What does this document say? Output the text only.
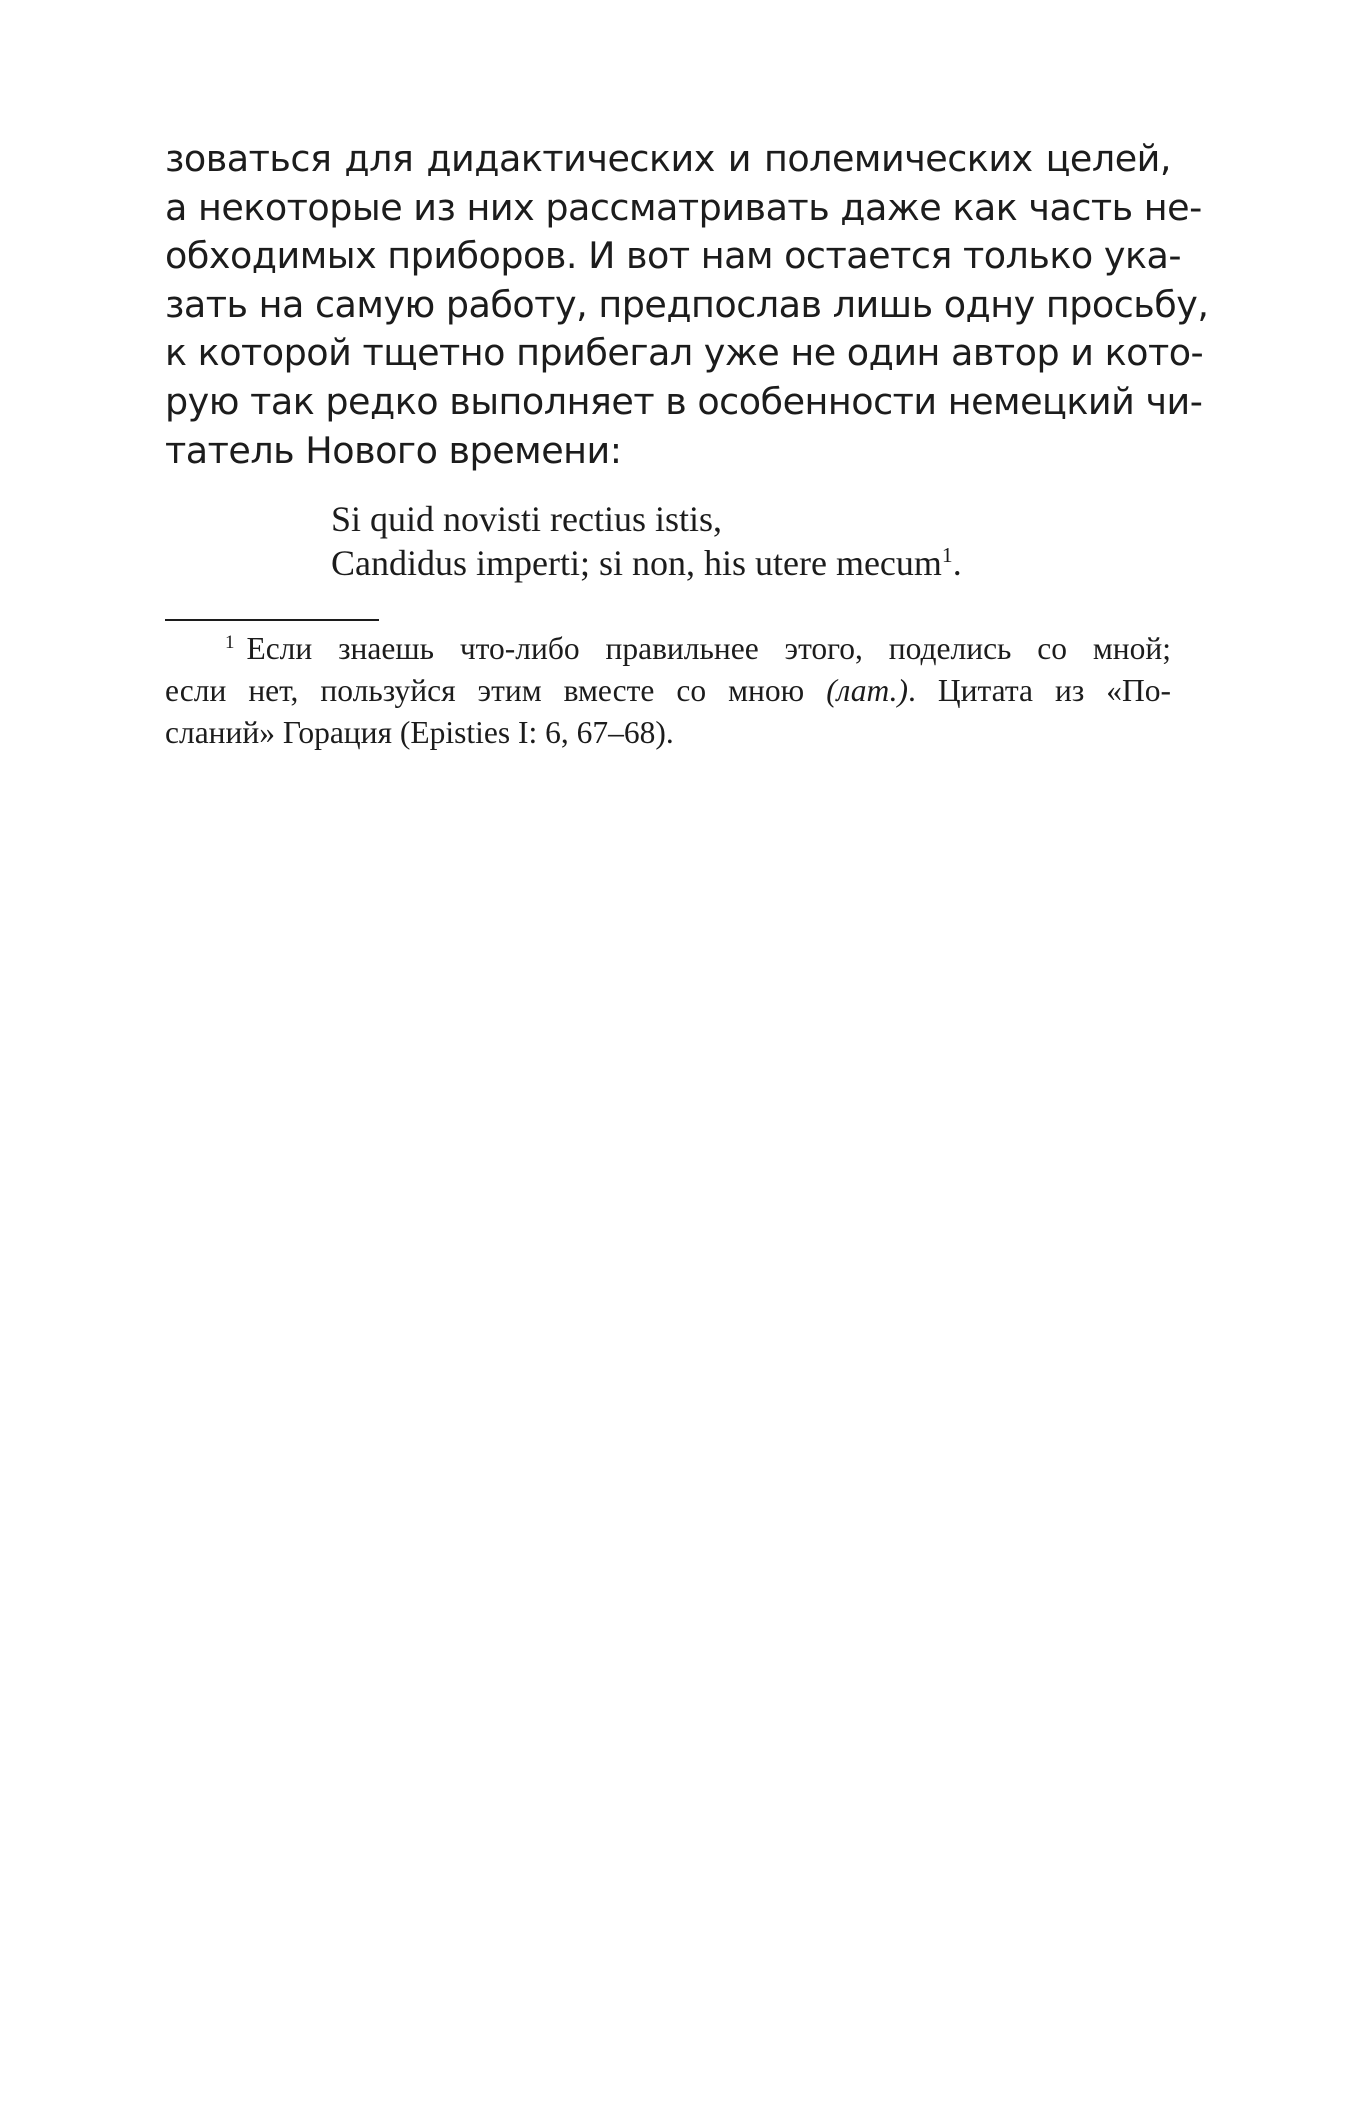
зоваться для дидактических и полемических целей,
а некоторые из них рассматривать даже как часть не-
обходимых приборов. И вот нам остается только ука-
зать на самую работу, предпослав лишь одну просьбу,
к которой тщетно прибегал уже не один автор и кото-
рую так редко выполняет в особенности немецкий чи-
татель Нового времени:
Si quid novisti rectius istis,
Candidus imperti; si non, his utere mecum$^1$.
$^1$ Если знаешь что-либо правильнее этого, поделись со мной;
если нет, пользуйся этим вместе со мною (лат.). Цитата из «По-
сланий» Горация (Episties I: 6, 67–68).
